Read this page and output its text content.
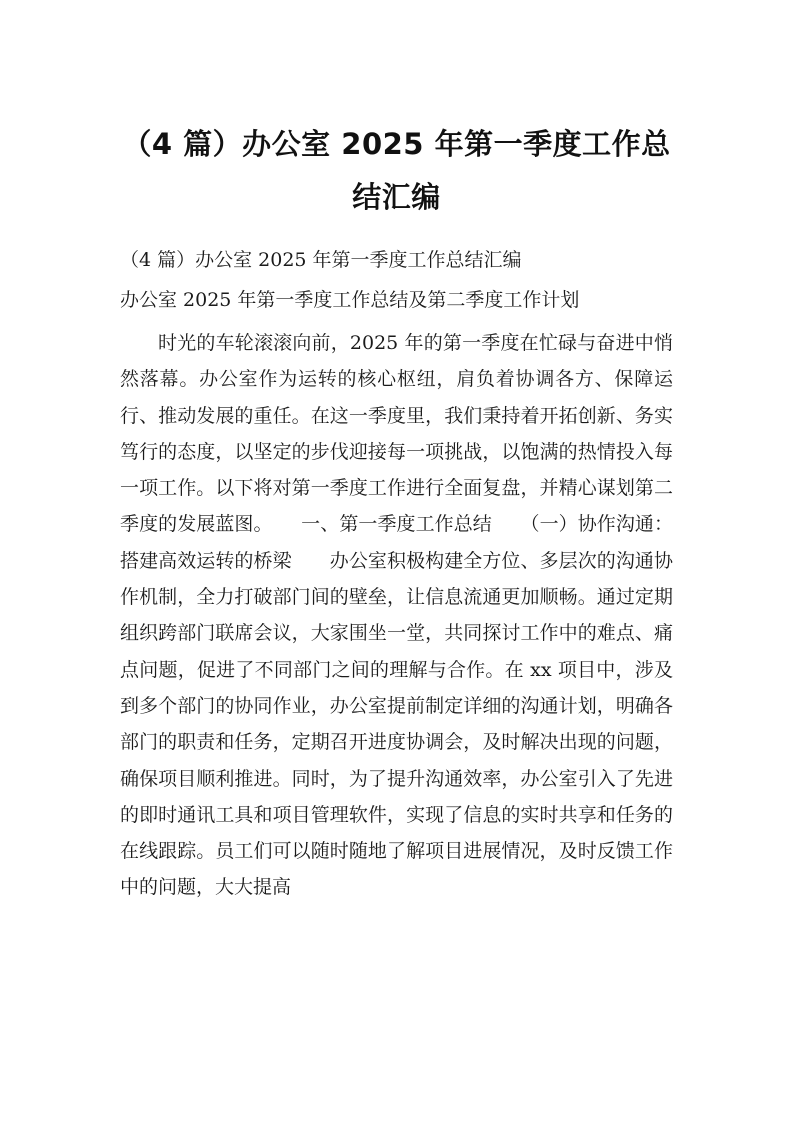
（4 篇）办公室 2025 年第一季度工作总结汇编

（4 篇）办公室 2025 年第一季度工作总结汇编

办公室 2025 年第一季度工作总结及第二季度工作计划

时光的车轮滚滚向前，2025 年的第一季度在忙碌与奋进中悄然落幕。办公室作为运转的核心枢纽，肩负着协调各方、保障运行、推动发展的重任。在这一季度里，我们秉持着开拓创新、务实笃行的态度，以坚定的步伐迎接每一项挑战，以饱满的热情投入每一项工作。以下将对第一季度工作进行全面复盘，并精心谋划第二季度的发展蓝图。　　一、第一季度工作总结　　（一）协作沟通：搭建高效运转的桥梁　　办公室积极构建全方位、多层次的沟通协作机制，全力打破部门间的壁垒，让信息流通更加顺畅。通过定期组织跨部门联席会议，大家围坐一堂，共同探讨工作中的难点、痛点问题，促进了不同部门之间的理解与合作。在 xx 项目中，涉及到多个部门的协同作业，办公室提前制定详细的沟通计划，明确各部门的职责和任务，定期召开进度协调会，及时解决出现的问题，确保项目顺利推进。同时，为了提升沟通效率，办公室引入了先进的即时通讯工具和项目管理软件，实现了信息的实时共享和任务的在线跟踪。员工们可以随时随地了解项目进展情况，及时反馈工作中的问题，大大提高
